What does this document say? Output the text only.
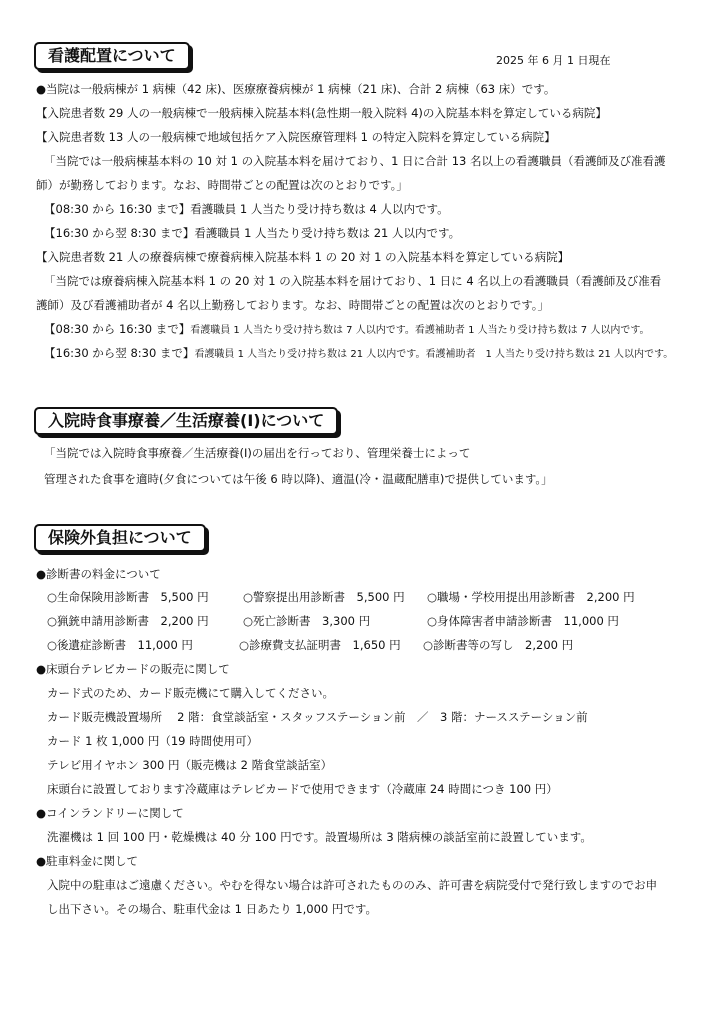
看護配置について	2025 年 6 月 1 日現在
●当院は一般病棟が 1 病棟（42 床)、医療療養病棟が 1 病棟（21 床)、合計 2 病棟（63 床）です。
【入院患者数 29 人の一般病棟で一般病棟入院基本料(急性期一般入院料 4)の入院基本料を算定している病院】
【入院患者数 13 人の一般病棟で地域包括ケア入院医療管理料 1 の特定入院料を算定している病院】
「当院では一般病棟基本料の 10 対 1 の入院基本料を届けており、1 日に合計 13 名以上の看護職員（看護師及び准看護
師）が勤務しております。なお、時間帯ごとの配置は次のとおりです。」
【08:30 から 16:30 まで】看護職員 1 人当たり受け持ち数は 4 人以内です。
【16:30 から翌 8:30 まで】看護職員 1 人当たり受け持ち数は 21 人以内です。
【入院患者数 21 人の療養病棟で療養病棟入院基本料 1 の 20 対 1 の入院基本料を算定している病院】
「当院では療養病棟入院基本料 1 の 20 対 1 の入院基本料を届けており、1 日に 4 名以上の看護職員（看護師及び准看
護師）及び看護補助者が 4 名以上勤務しております。なお、時間帯ごとの配置は次のとおりです。」
【08:30 から 16:30 まで】看護職員 1 人当たり受け持ち数は 7 人以内です。看護補助者 1 人当たり受け持ち数は 7 人以内です。
【16:30 から翌 8:30 まで】看護職員 1 人当たり受け持ち数は 21 人以内です。看護補助者　1 人当たり受け持ち数は 21 人以内です。
入院時食事療養／生活療養(Ⅰ)について
「当院では入院時食事療養／生活療養(Ⅰ)の届出を行っており、管理栄養士によって
管理された食事を適時(夕食については午後 6 時以降)、適温(冷・温蔵配膳車)で提供しています。」
保険外負担について
●診断書の料金について
○生命保険用診断書　5,500 円	○警察提出用診断書　5,500 円 ○職場・学校用提出用診断書　2,200 円
○猟銃申請用診断書　2,200 円	○死亡診断書　3,300 円	○身体障害者申請診断書　11,000 円
○後遺症診断書　11,000 円	○診療費支払証明書　1,650 円 ○診断書等の写し　2,200 円
●床頭台テレビカードの販売に関して
カード式のため、カード販売機にて購入してください。
カード販売機設置場所　 2 階：食堂談話室・スタッフステーション前　／　3 階：ナースステーション前
カード 1 枚 1,000 円（19 時間使用可）
テレビ用イヤホン 300 円（販売機は 2 階食堂談話室）
床頭台に設置しております冷蔵庫はテレビカードで使用できます（冷蔵庫 24 時間につき 100 円）
●コインランドリーに関して
洗濯機は 1 回 100 円・乾燥機は 40 分 100 円です。設置場所は 3 階病棟の談話室前に設置しています。
●駐車料金に関して
入院中の駐車はご遠慮ください。やむを得ない場合は許可されたもののみ、許可書を病院受付で発行致しますのでお申
し出下さい。その場合、駐車代金は 1 日あたり 1,000 円です。
